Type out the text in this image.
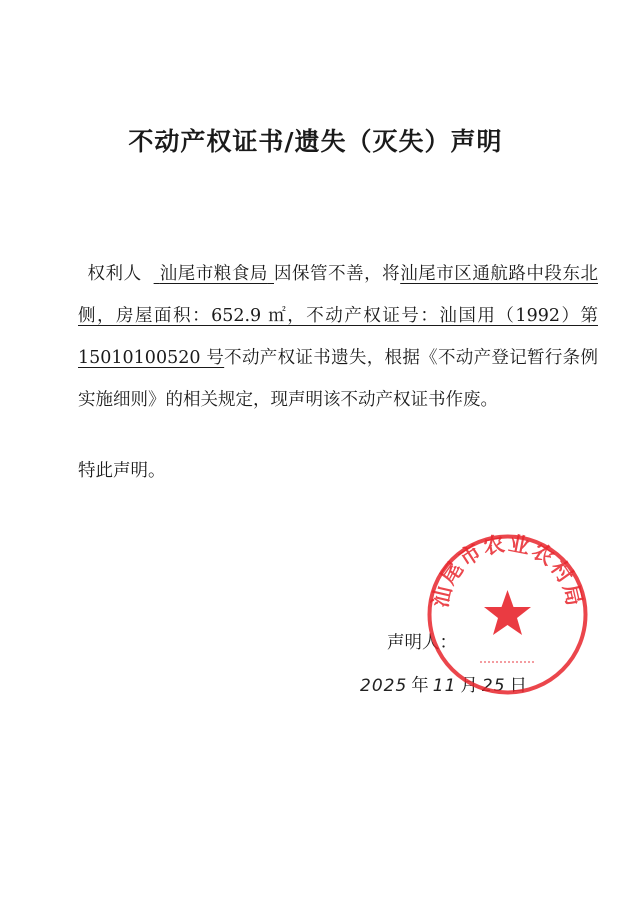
不动产权证书/遗失（灭失）声明

权利人 汕尾市粮食局 因保管不善，将汕尾市区通航路中段东北侧，房屋面积：652.9 ㎡，不动产权证号：汕国用（1992）第 15010100520 号不动产权证书遗失，根据《不动产登记暂行条例实施细则》的相关规定，现声明该不动产权证书作废。

特此声明。

声明人：

2025 年 11 月 25 日
汕尾市农业农村局
